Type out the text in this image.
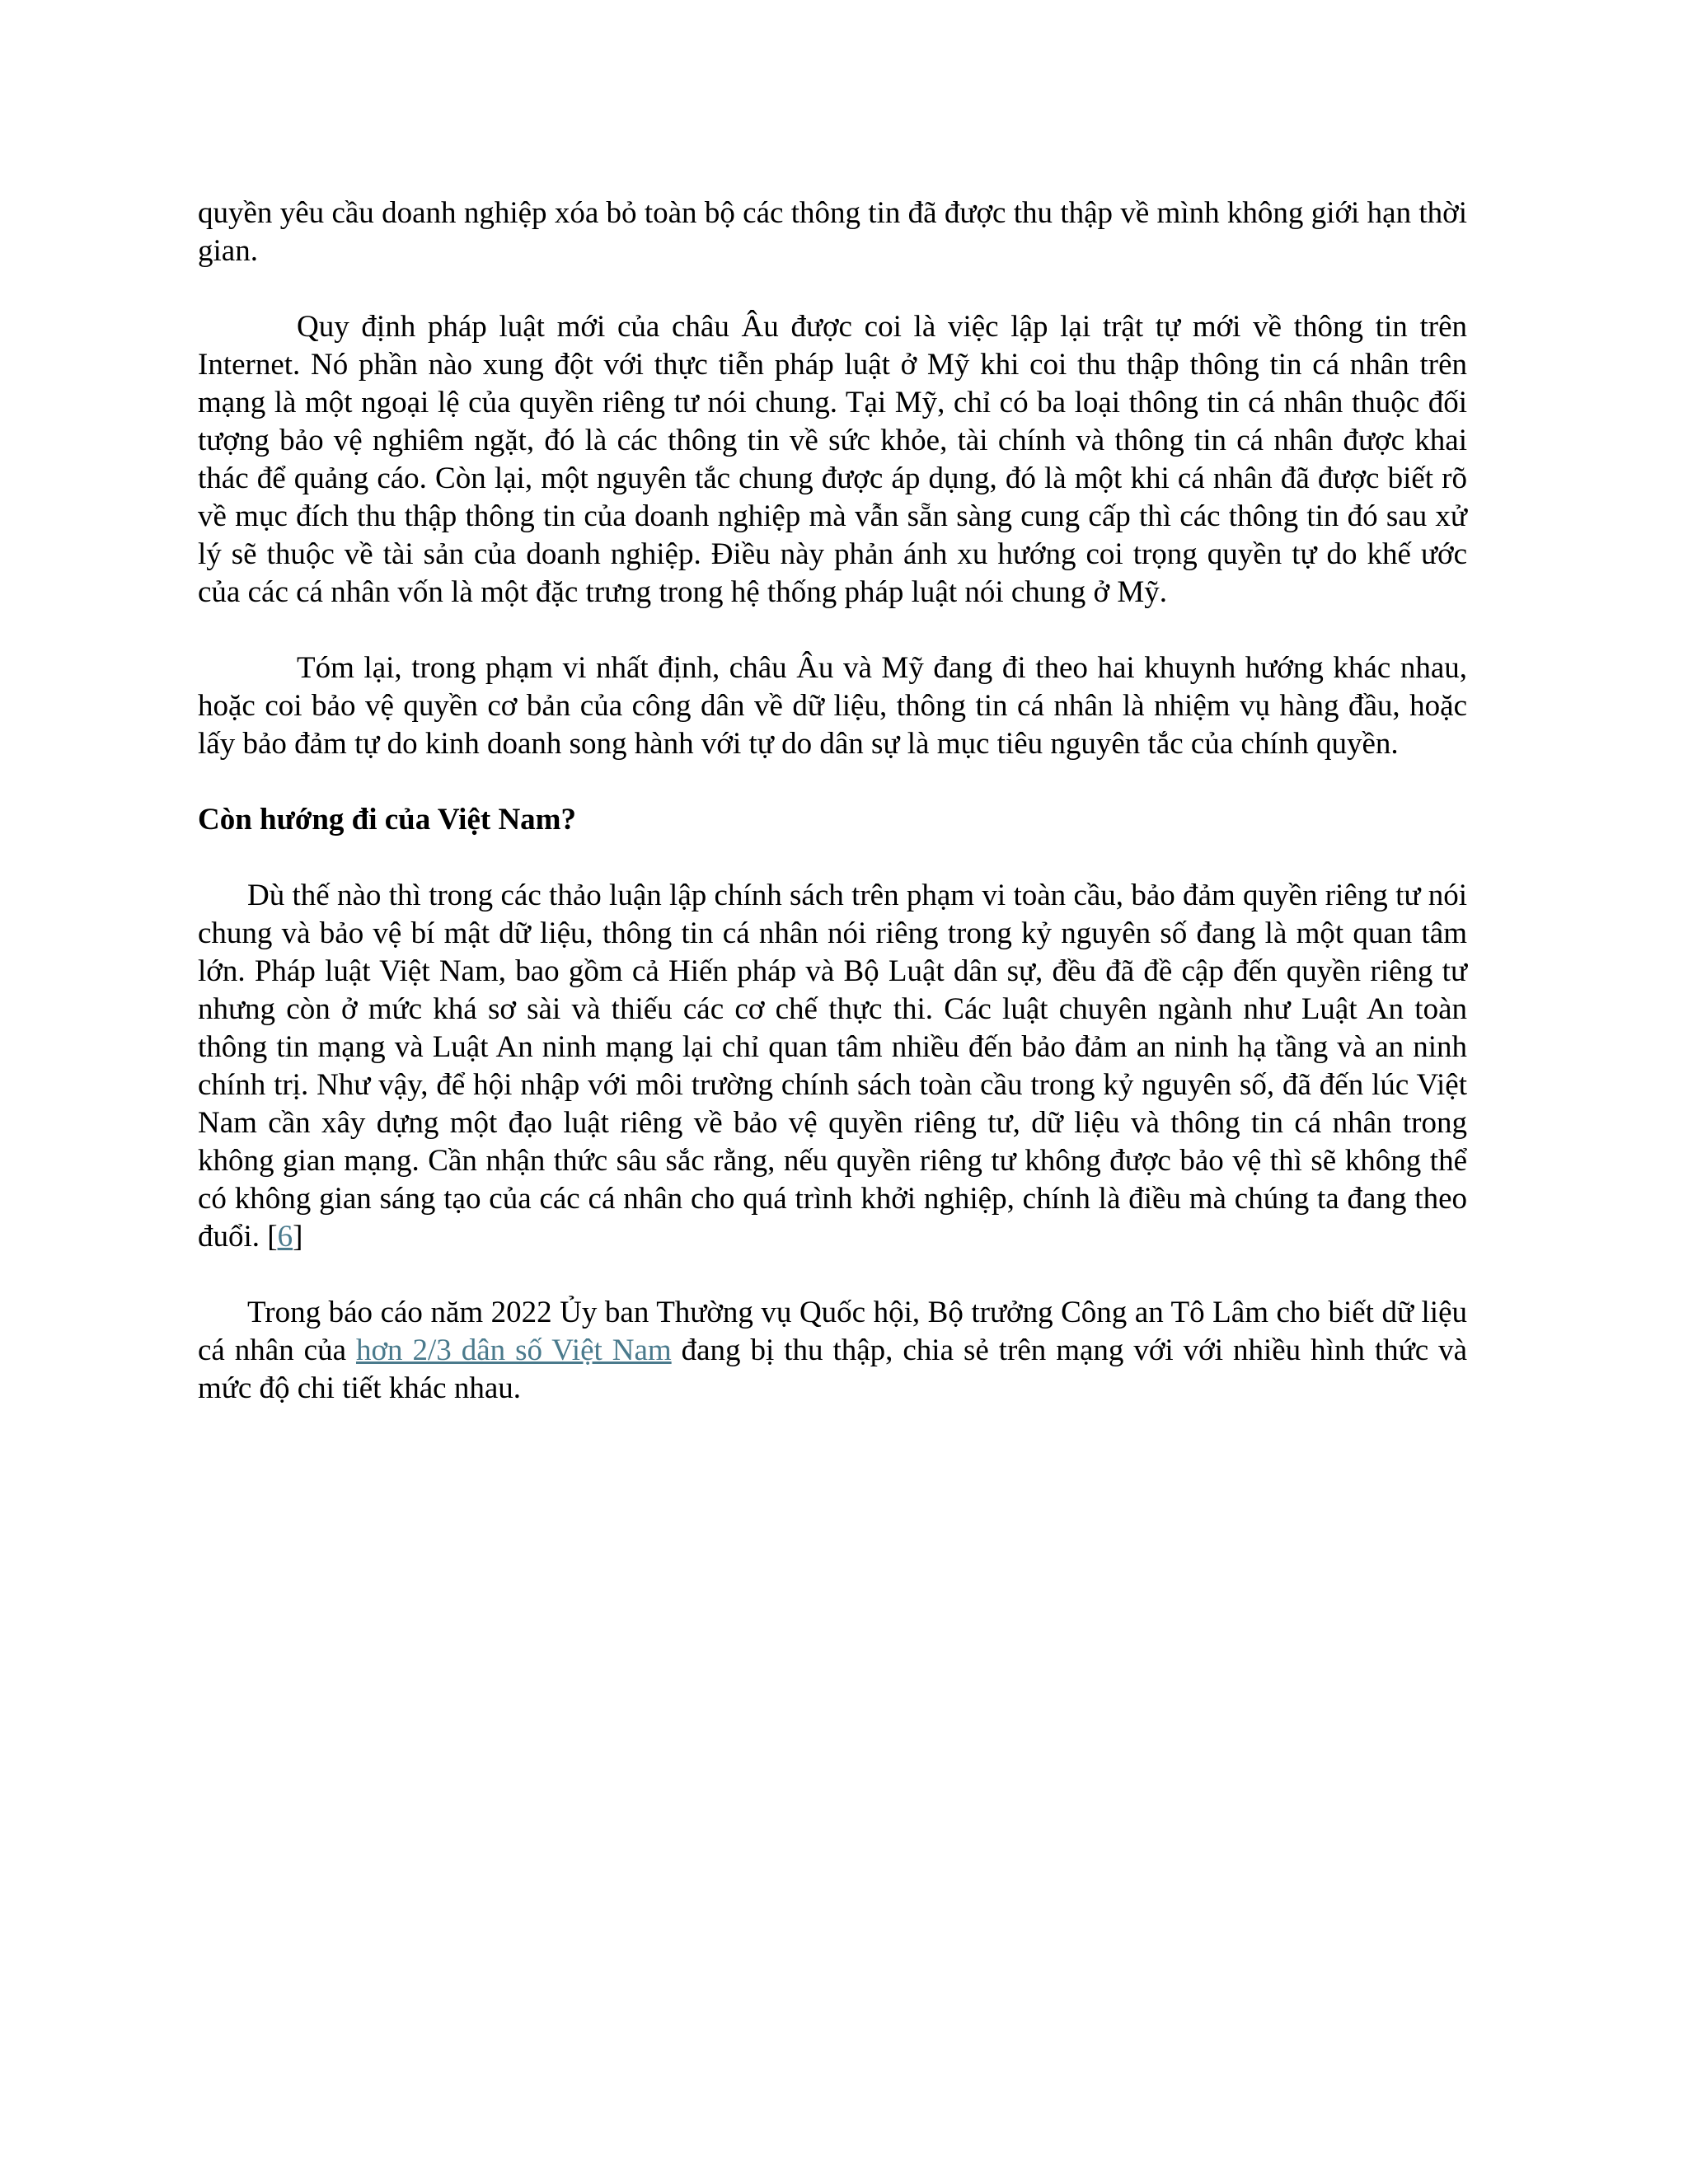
quyền yêu cầu doanh nghiệp xóa bỏ toàn bộ các thông tin đã được thu thập về mình không giới hạn thời gian.

Quy định pháp luật mới của châu Âu được coi là việc lập lại trật tự mới về thông tin trên Internet. Nó phần nào xung đột với thực tiễn pháp luật ở Mỹ khi coi thu thập thông tin cá nhân trên mạng là một ngoại lệ của quyền riêng tư nói chung. Tại Mỹ, chỉ có ba loại thông tin cá nhân thuộc đối tượng bảo vệ nghiêm ngặt, đó là các thông tin về sức khỏe, tài chính và thông tin cá nhân được khai thác để quảng cáo. Còn lại, một nguyên tắc chung được áp dụng, đó là một khi cá nhân đã được biết rõ về mục đích thu thập thông tin của doanh nghiệp mà vẫn sẵn sàng cung cấp thì các thông tin đó sau xử lý sẽ thuộc về tài sản của doanh nghiệp. Điều này phản ánh xu hướng coi trọng quyền tự do khế ước của các cá nhân vốn là một đặc trưng trong hệ thống pháp luật nói chung ở Mỹ.

Tóm lại, trong phạm vi nhất định, châu Âu và Mỹ đang đi theo hai khuynh hướng khác nhau, hoặc coi bảo vệ quyền cơ bản của công dân về dữ liệu, thông tin cá nhân là nhiệm vụ hàng đầu, hoặc lấy bảo đảm tự do kinh doanh song hành với tự do dân sự là mục tiêu nguyên tắc của chính quyền.

Còn hướng đi của Việt Nam?

Dù thế nào thì trong các thảo luận lập chính sách trên phạm vi toàn cầu, bảo đảm quyền riêng tư nói chung và bảo vệ bí mật dữ liệu, thông tin cá nhân nói riêng trong kỷ nguyên số đang là một quan tâm lớn. Pháp luật Việt Nam, bao gồm cả Hiến pháp và Bộ Luật dân sự, đều đã đề cập đến quyền riêng tư nhưng còn ở mức khá sơ sài và thiếu các cơ chế thực thi. Các luật chuyên ngành như Luật An toàn thông tin mạng và Luật An ninh mạng lại chỉ quan tâm nhiều đến bảo đảm an ninh hạ tầng và an ninh chính trị. Như vậy, để hội nhập với môi trường chính sách toàn cầu trong kỷ nguyên số, đã đến lúc Việt Nam cần xây dựng một đạo luật riêng về bảo vệ quyền riêng tư, dữ liệu và thông tin cá nhân trong không gian mạng. Cần nhận thức sâu sắc rằng, nếu quyền riêng tư không được bảo vệ thì sẽ không thể có không gian sáng tạo của các cá nhân cho quá trình khởi nghiệp, chính là điều mà chúng ta đang theo đuổi. [6]

Trong báo cáo năm 2022 Ủy ban Thường vụ Quốc hội, Bộ trưởng Công an Tô Lâm cho biết dữ liệu cá nhân của hơn 2/3 dân số Việt Nam đang bị thu thập, chia sẻ trên mạng với với nhiều hình thức và mức độ chi tiết khác nhau.
